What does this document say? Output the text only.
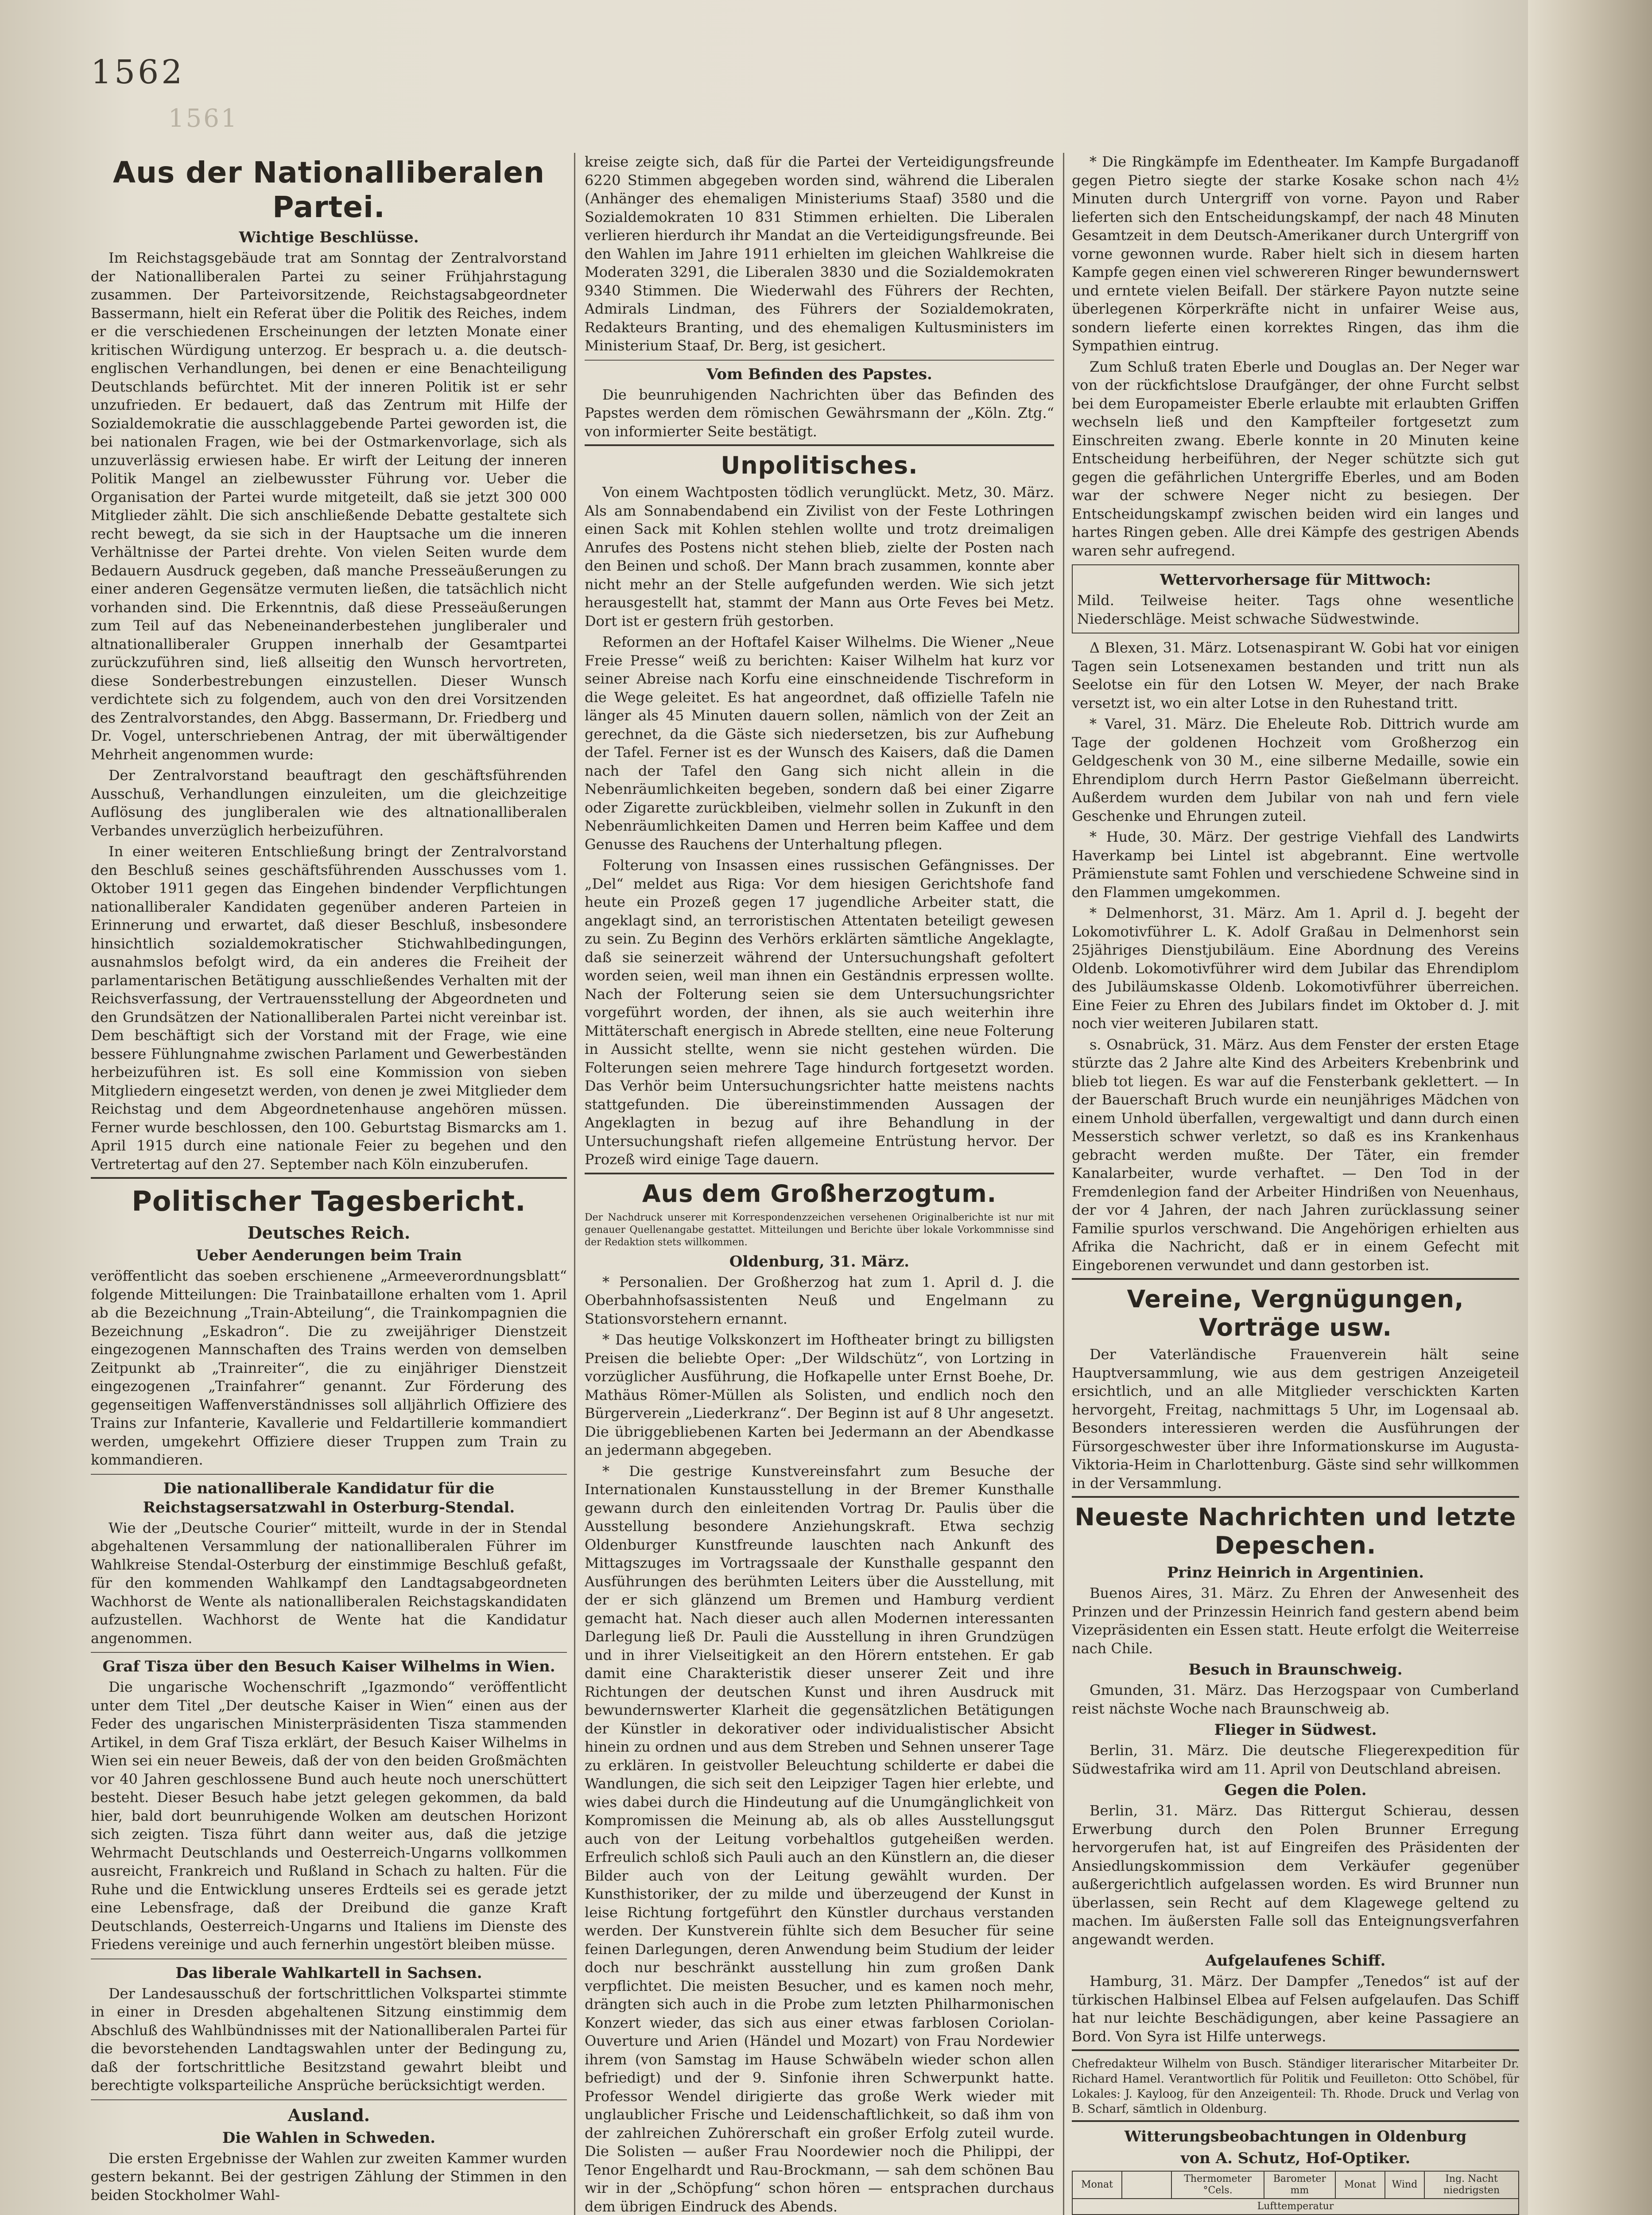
1562
1561
Aus der Nationalliberalen Partei.
Wichtige Beschlüsse.

Im Reichstagsgebäude trat am Sonntag der Zentralvorstand der Nationalliberalen Partei zu seiner Frühjahrstagung zusammen. Der Parteivorsitzende, Reichstagsabgeordneter Bassermann, hielt ein Referat über die Politik des Reiches, indem er die verschiedenen Erscheinungen der letzten Monate einer kritischen Würdigung unterzog. Er besprach u. a. die deutsch-englischen Verhandlungen, bei denen er eine Benachteiligung Deutschlands befürchtet. Mit der inneren Politik ist er sehr unzufrieden. Er bedauert, daß das Zentrum mit Hilfe der Sozialdemokratie die ausschlaggebende Partei geworden ist, die bei nationalen Fragen, wie bei der Ostmarkenvorlage, sich als unzuverlässig erwiesen habe. Er wirft der Leitung der inneren Politik Mangel an zielbewusster Führung vor. Ueber die Organisation der Partei wurde mitgeteilt, daß sie jetzt 300 000 Mitglieder zählt. Die sich anschließende Debatte gestaltete sich recht bewegt, da sie sich in der Hauptsache um die inneren Verhältnisse der Partei drehte. Von vielen Seiten wurde dem Bedauern Ausdruck gegeben, daß manche Presseäußerungen zu einer anderen Gegensätze vermuten ließen, die tatsächlich nicht vorhanden sind. Die Erkenntnis, daß diese Presseäußerungen zum Teil auf das Nebeneinanderbestehen jungliberaler und altnationalliberaler Gruppen innerhalb der Gesamtpartei zurückzuführen sind, ließ allseitig den Wunsch hervortreten, diese Sonderbestrebungen einzustellen. Dieser Wunsch verdichtete sich zu folgendem, auch von den drei Vorsitzenden des Zentralvorstandes, den Abgg. Bassermann, Dr. Friedberg und Dr. Vogel, unterschriebenen Antrag, der mit überwältigender Mehrheit angenommen wurde:

Der Zentralvorstand beauftragt den geschäftsführenden Ausschuß, Verhandlungen einzuleiten, um die gleichzeitige Auflösung des jungliberalen wie des altnationalliberalen Verbandes unverzüglich herbeizuführen.

In einer weiteren Entschließung bringt der Zentralvorstand den Beschluß seines geschäftsführenden Ausschusses vom 1. Oktober 1911 gegen das Eingehen bindender Verpflichtungen nationalliberaler Kandidaten gegenüber anderen Parteien in Erinnerung und erwartet, daß dieser Beschluß, insbesondere hinsichtlich sozialdemokratischer Stichwahlbedingungen, ausnahmslos befolgt wird, da ein anderes die Freiheit der parlamentarischen Betätigung ausschließendes Verhalten mit der Reichsverfassung, der Vertrauensstellung der Abgeordneten und den Grundsätzen der Nationalliberalen Partei nicht vereinbar ist. Dem beschäftigt sich der Vorstand mit der Frage, wie eine bessere Fühlungnahme zwischen Parlament und Gewerbeständen herbeizuführen ist. Es soll eine Kommission von sieben Mitgliedern eingesetzt werden, von denen je zwei Mitglieder dem Reichstag und dem Abgeordnetenhause angehören müssen. Ferner wurde beschlossen, den 100. Geburtstag Bismarcks am 1. April 1915 durch eine nationale Feier zu begehen und den Vertretertag auf den 27. September nach Köln einzuberufen.

Politischer Tagesbericht.
Deutsches Reich.
Ueber Aenderungen beim Train

veröffentlicht das soeben erschienene „Armeeverordnungsblatt“ folgende Mitteilungen: Die Trainbataillone erhalten vom 1. April ab die Bezeichnung „Train-Abteilung“, die Trainkompagnien die Bezeichnung „Eskadron“. Die zu zweijähriger Dienstzeit eingezogenen Mannschaften des Trains werden von demselben Zeitpunkt ab „Trainreiter“, die zu einjähriger Dienstzeit eingezogenen „Trainfahrer“ genannt. Zur Förderung des gegenseitigen Waffenverständnisses soll alljährlich Offiziere des Trains zur Infanterie, Kavallerie und Feldartillerie kommandiert werden, umgekehrt Offiziere dieser Truppen zum Train zu kommandieren.

Die nationalliberale Kandidatur für die Reichstagsersatzwahl in Osterburg-Stendal.

Wie der „Deutsche Courier“ mitteilt, wurde in der in Stendal abgehaltenen Versammlung der nationalliberalen Führer im Wahlkreise Stendal-Osterburg der einstimmige Beschluß gefaßt, für den kommenden Wahlkampf den Landtagsabgeordneten Wachhorst de Wente als nationalliberalen Reichstagskandidaten aufzustellen. Wachhorst de Wente hat die Kandidatur angenommen.

Graf Tisza über den Besuch Kaiser Wilhelms in Wien.

Die ungarische Wochenschrift „Igazmondo“ veröffentlicht unter dem Titel „Der deutsche Kaiser in Wien“ einen aus der Feder des ungarischen Ministerpräsidenten Tisza stammenden Artikel, in dem Graf Tisza erklärt, der Besuch Kaiser Wilhelms in Wien sei ein neuer Beweis, daß der von den beiden Großmächten vor 40 Jahren geschlossene Bund auch heute noch unerschüttert besteht. Dieser Besuch habe jetzt gelegen gekommen, da bald hier, bald dort beunruhigende Wolken am deutschen Horizont sich zeigten. Tisza führt dann weiter aus, daß die jetzige Wehrmacht Deutschlands und Oesterreich-Ungarns vollkommen ausreicht, Frankreich und Rußland in Schach zu halten. Für die Ruhe und die Entwicklung unseres Erdteils sei es gerade jetzt eine Lebensfrage, daß der Dreibund die ganze Kraft Deutschlands, Oesterreich-Ungarns und Italiens im Dienste des Friedens vereinige und auch fernerhin ungestört bleiben müsse.

Das liberale Wahlkartell in Sachsen.

Der Landesausschuß der fortschrittlichen Volkspartei stimmte in einer in Dresden abgehaltenen Sitzung einstimmig dem Abschluß des Wahlbündnisses mit der Nationalliberalen Partei für die bevorstehenden Landtagswahlen unter der Bedingung zu, daß der fortschrittliche Besitzstand gewahrt bleibt und berechtigte volksparteiliche Ansprüche berücksichtigt werden.

Ausland.
Die Wahlen in Schweden.

Die ersten Ergebnisse der Wahlen zur zweiten Kammer wurden gestern bekannt. Bei der gestrigen Zählung der Stimmen in den beiden Stockholmer Wahl-

kreise zeigte sich, daß für die Partei der Verteidigungsfreunde 6220 Stimmen abgegeben worden sind, während die Liberalen (Anhänger des ehemaligen Ministeriums Staaf) 3580 und die Sozialdemokraten 10 831 Stimmen erhielten. Die Liberalen verlieren hierdurch ihr Mandat an die Verteidigungsfreunde. Bei den Wahlen im Jahre 1911 erhielten im gleichen Wahlkreise die Moderaten 3291, die Liberalen 3830 und die Sozialdemokraten 9340 Stimmen. Die Wiederwahl des Führers der Rechten, Admirals Lindman, des Führers der Sozialdemokraten, Redakteurs Branting, und des ehemaligen Kultusministers im Ministerium Staaf, Dr. Berg, ist gesichert.

Vom Befinden des Papstes.

Die beunruhigenden Nachrichten über das Befinden des Papstes werden dem römischen Gewährsmann der „Köln. Ztg.“ von informierter Seite bestätigt.

Unpolitisches.

Von einem Wachtposten tödlich verunglückt. Metz, 30. März. Als am Sonnabendabend ein Zivilist von der Feste Lothringen einen Sack mit Kohlen stehlen wollte und trotz dreimaligen Anrufes des Postens nicht stehen blieb, zielte der Posten nach den Beinen und schoß. Der Mann brach zusammen, konnte aber nicht mehr an der Stelle aufgefunden werden. Wie sich jetzt herausgestellt hat, stammt der Mann aus Orte Feves bei Metz. Dort ist er gestern früh gestorben.

Reformen an der Hoftafel Kaiser Wilhelms. Die Wiener „Neue Freie Presse“ weiß zu berichten: Kaiser Wilhelm hat kurz vor seiner Abreise nach Korfu eine einschneidende Tischreform in die Wege geleitet. Es hat angeordnet, daß offizielle Tafeln nie länger als 45 Minuten dauern sollen, nämlich von der Zeit an gerechnet, da die Gäste sich niedersetzen, bis zur Aufhebung der Tafel. Ferner ist es der Wunsch des Kaisers, daß die Damen nach der Tafel den Gang sich nicht allein in die Nebenräumlichkeiten begeben, sondern daß bei einer Zigarre oder Zigarette zurückbleiben, vielmehr sollen in Zukunft in den Nebenräumlichkeiten Damen und Herren beim Kaffee und dem Genusse des Rauchens der Unterhaltung pflegen.

Folterung von Insassen eines russischen Gefängnisses. Der „Del“ meldet aus Riga: Vor dem hiesigen Gerichtshofe fand heute ein Prozeß gegen 17 jugendliche Arbeiter statt, die angeklagt sind, an terroristischen Attentaten beteiligt gewesen zu sein. Zu Beginn des Verhörs erklärten sämtliche Angeklagte, daß sie seinerzeit während der Untersuchungshaft gefoltert worden seien, weil man ihnen ein Geständnis erpressen wollte. Nach der Folterung seien sie dem Untersuchungsrichter vorgeführt worden, der ihnen, als sie auch weiterhin ihre Mittäterschaft energisch in Abrede stellten, eine neue Folterung in Aussicht stellte, wenn sie nicht gestehen würden. Die Folterungen seien mehrere Tage hindurch fortgesetzt worden. Das Verhör beim Untersuchungsrichter hatte meistens nachts stattgefunden. Die übereinstimmenden Aussagen der Angeklagten in bezug auf ihre Behandlung in der Untersuchungshaft riefen allgemeine Entrüstung hervor. Der Prozeß wird einige Tage dauern.

Aus dem Großherzogtum.

Der Nachdruck unserer mit Korrespondenzzeichen versehenen Originalberichte ist nur mit genauer Quellenangabe gestattet. Mitteilungen und Berichte über lokale Vorkommnisse sind der Redaktion stets willkommen.

Oldenburg, 31. März.

* Personalien. Der Großherzog hat zum 1. April d. J. die Oberbahnhofsassistenten Neuß und Engelmann zu Stationsvorstehern ernannt.

* Das heutige Volkskonzert im Hoftheater bringt zu billigsten Preisen die beliebte Oper: „Der Wildschütz“, von Lortzing in vorzüglicher Ausführung, die Hofkapelle unter Ernst Boehe, Dr. Mathäus Römer-Müllen als Solisten, und endlich noch den Bürgerverein „Liederkranz“. Der Beginn ist auf 8 Uhr angesetzt. Die übriggebliebenen Karten bei Jedermann an der Abendkasse an jedermann abgegeben.

* Die gestrige Kunstvereinsfahrt zum Besuche der Internationalen Kunstausstellung in der Bremer Kunsthalle gewann durch den einleitenden Vortrag Dr. Paulis über die Ausstellung besondere Anziehungskraft. Etwa sechzig Oldenburger Kunstfreunde lauschten nach Ankunft des Mittagszuges im Vortragssaale der Kunsthalle gespannt den Ausführungen des berühmten Leiters über die Ausstellung, mit der er sich glänzend um Bremen und Hamburg verdient gemacht hat. Nach dieser auch allen Modernen interessanten Darlegung ließ Dr. Pauli die Ausstellung in ihren Grundzügen und in ihrer Vielseitigkeit an den Hörern entstehen. Er gab damit eine Charakteristik dieser unserer Zeit und ihre Richtungen der deutschen Kunst und ihren Ausdruck mit bewundernswerter Klarheit die gegensätzlichen Betätigungen der Künstler in dekorativer oder individualistischer Absicht hinein zu ordnen und aus dem Streben und Sehnen unserer Tage zu erklären. In geistvoller Beleuchtung schilderte er dabei die Wandlungen, die sich seit den Leipziger Tagen hier erlebte, und wies dabei durch die Hindeutung auf die Unumgänglichkeit von Kompromissen die Meinung ab, als ob alles Ausstellungsgut auch von der Leitung vorbehaltlos gutgeheißen werden. Erfreulich schloß sich Pauli auch an den Künstlern an, die dieser Bilder auch von der Leitung gewählt wurden. Der Kunsthistoriker, der zu milde und überzeugend der Kunst in leise Richtung fortgeführt den Künstler durchaus verstanden werden. Der Kunstverein fühlte sich dem Besucher für seine feinen Darlegungen, deren Anwendung beim Studium der leider doch nur beschränkt ausstellung hin zum großen Dank verpflichtet. Die meisten Besucher, und es kamen noch mehr, drängten sich auch in die Probe zum letzten Philharmonischen Konzert wieder, das sich aus einer etwas farblosen Coriolan-Ouverture und Arien (Händel und Mozart) von Frau Nordewier ihrem (von Samstag im Hause Schwäbeln wieder schon allen befriedigt) und der 9. Sinfonie ihren Schwerpunkt hatte. Professor Wendel dirigierte das große Werk wieder mit unglaublicher Frische und Leidenschaftlichkeit, so daß ihm von der zahlreichen Zuhörerschaft ein großer Erfolg zuteil wurde. Die Solisten — außer Frau Noordewier noch die Philippi, der Tenor Engelhardt und Rau-Brockmann, — sah dem schönen Bau wir in der „Schöpfung“ schon hören — entsprachen durchaus dem übrigen Eindruck des Abends.

* Die Ringkämpfe im Edentheater. Im Kampfe Burgadanoff gegen Pietro siegte der starke Kosake schon nach 4½ Minuten durch Untergriff von vorne. Payon und Raber lieferten sich den Entscheidungskampf, der nach 48 Minuten Gesamtzeit in dem Deutsch-Amerikaner durch Untergriff von vorne gewonnen wurde. Raber hielt sich in diesem harten Kampfe gegen einen viel schwereren Ringer bewundernswert und erntete vielen Beifall. Der stärkere Payon nutzte seine überlegenen Körperkräfte nicht in unfairer Weise aus, sondern lieferte einen korrektes Ringen, das ihm die Sympathien eintrug.

Zum Schluß traten Eberle und Douglas an. Der Neger war von der rückfichtslose Draufgänger, der ohne Furcht selbst bei dem Europameister Eberle erlaubte mit erlaubten Griffen wechseln ließ und den Kampfteiler fortgesetzt zum Einschreiten zwang. Eberle konnte in 20 Minuten keine Entscheidung herbeiführen, der Neger schützte sich gut gegen die gefährlichen Untergriffe Eberles, und am Boden war der schwere Neger nicht zu besiegen. Der Entscheidungskampf zwischen beiden wird ein langes und hartes Ringen geben. Alle drei Kämpfe des gestrigen Abends waren sehr aufregend.

Wettervorhersage für Mittwoch:

Mild. Teilweise heiter. Tags ohne wesentliche Niederschläge. Meist schwache Südwestwinde.

Δ Blexen, 31. März. Lotsenaspirant W. Gobi hat vor einigen Tagen sein Lotsenexamen bestanden und tritt nun als Seelotse ein für den Lotsen W. Meyer, der nach Brake versetzt ist, wo ein alter Lotse in den Ruhestand tritt.

* Varel, 31. März. Die Eheleute Rob. Dittrich wurde am Tage der goldenen Hochzeit vom Großherzog ein Geldgeschenk von 30 M., eine silberne Medaille, sowie ein Ehrendiplom durch Herrn Pastor Gießelmann überreicht. Außerdem wurden dem Jubilar von nah und fern viele Geschenke und Ehrungen zuteil.

* Hude, 30. März. Der gestrige Viehfall des Landwirts Haverkamp bei Lintel ist abgebrannt. Eine wertvolle Prämienstute samt Fohlen und verschiedene Schweine sind in den Flammen umgekommen.

* Delmenhorst, 31. März. Am 1. April d. J. begeht der Lokomotivführer L. K. Adolf Graßau in Delmenhorst sein 25jähriges Dienstjubiläum. Eine Abordnung des Vereins Oldenb. Lokomotivführer wird dem Jubilar das Ehrendiplom des Jubiläumskasse Oldenb. Lokomotivführer überreichen. Eine Feier zu Ehren des Jubilars findet im Oktober d. J. mit noch vier weiteren Jubilaren statt.

s. Osnabrück, 31. März. Aus dem Fenster der ersten Etage stürzte das 2 Jahre alte Kind des Arbeiters Krebenbrink und blieb tot liegen. Es war auf die Fensterbank geklettert. — In der Bauerschaft Bruch wurde ein neunjähriges Mädchen von einem Unhold überfallen, vergewaltigt und dann durch einen Messerstich schwer verletzt, so daß es ins Krankenhaus gebracht werden mußte. Der Täter, ein fremder Kanalarbeiter, wurde verhaftet. — Den Tod in der Fremdenlegion fand der Arbeiter Hindrißen von Neuenhaus, der vor 4 Jahren, der nach Jahren zurücklassung seiner Familie spurlos verschwand. Die Angehörigen erhielten aus Afrika die Nachricht, daß er in einem Gefecht mit Eingeborenen verwundet und dann gestorben ist.

Vereine, Vergnügungen, Vorträge usw.

Der Vaterländische Frauenverein hält seine Hauptversammlung, wie aus dem gestrigen Anzeigeteil ersichtlich, und an alle Mitglieder verschickten Karten hervorgeht, Freitag, nachmittags 5 Uhr, im Logensaal ab. Besonders interessieren werden die Ausführungen der Fürsorgeschwester über ihre Informationskurse im Augusta-Viktoria-Heim in Charlottenburg. Gäste sind sehr willkommen in der Versammlung.

Neueste Nachrichten und letzte Depeschen.
Prinz Heinrich in Argentinien.

Buenos Aires, 31. März. Zu Ehren der Anwesenheit des Prinzen und der Prinzessin Heinrich fand gestern abend beim Vizepräsidenten ein Essen statt. Heute erfolgt die Weiterreise nach Chile.

Besuch in Braunschweig.

Gmunden, 31. März. Das Herzogspaar von Cumberland reist nächste Woche nach Braunschweig ab.

Flieger in Südwest.

Berlin, 31. März. Die deutsche Fliegerexpedition für Südwestafrika wird am 11. April von Deutschland abreisen.

Gegen die Polen.

Berlin, 31. März. Das Rittergut Schierau, dessen Erwerbung durch den Polen Brunner Erregung hervorgerufen hat, ist auf Eingreifen des Präsidenten der Ansiedlungskommission dem Verkäufer gegenüber außergerichtlich aufgelassen worden. Es wird Brunner nun überlassen, sein Recht auf dem Klagewege geltend zu machen. Im äußersten Falle soll das Enteignungsverfahren angewandt werden.

Aufgelaufenes Schiff.

Hamburg, 31. März. Der Dampfer „Tenedos“ ist auf der türkischen Halbinsel Elbea auf Felsen aufgelaufen. Das Schiff hat nur leichte Beschädigungen, aber keine Passagiere an Bord. Von Syra ist Hilfe unterwegs.

Chefredakteur Wilhelm von Busch. Ständiger literarischer Mitarbeiter Dr. Richard Hamel. Verantwortlich für Politik und Feuilleton: Otto Schöbel, für Lokales: J. Kayloog, für den Anzeigenteil: Th. Rhode. Druck und Verlag von B. Scharf, sämtlich in Oldenburg.

Witterungsbeobachtungen in Oldenburg
von A. Schutz, Hof-Optiker.
Monat		Thermometer °Cels.	Barometer mm	Monat	Wind	Ing. Nacht niedrigsten
Lufttemperatur						
